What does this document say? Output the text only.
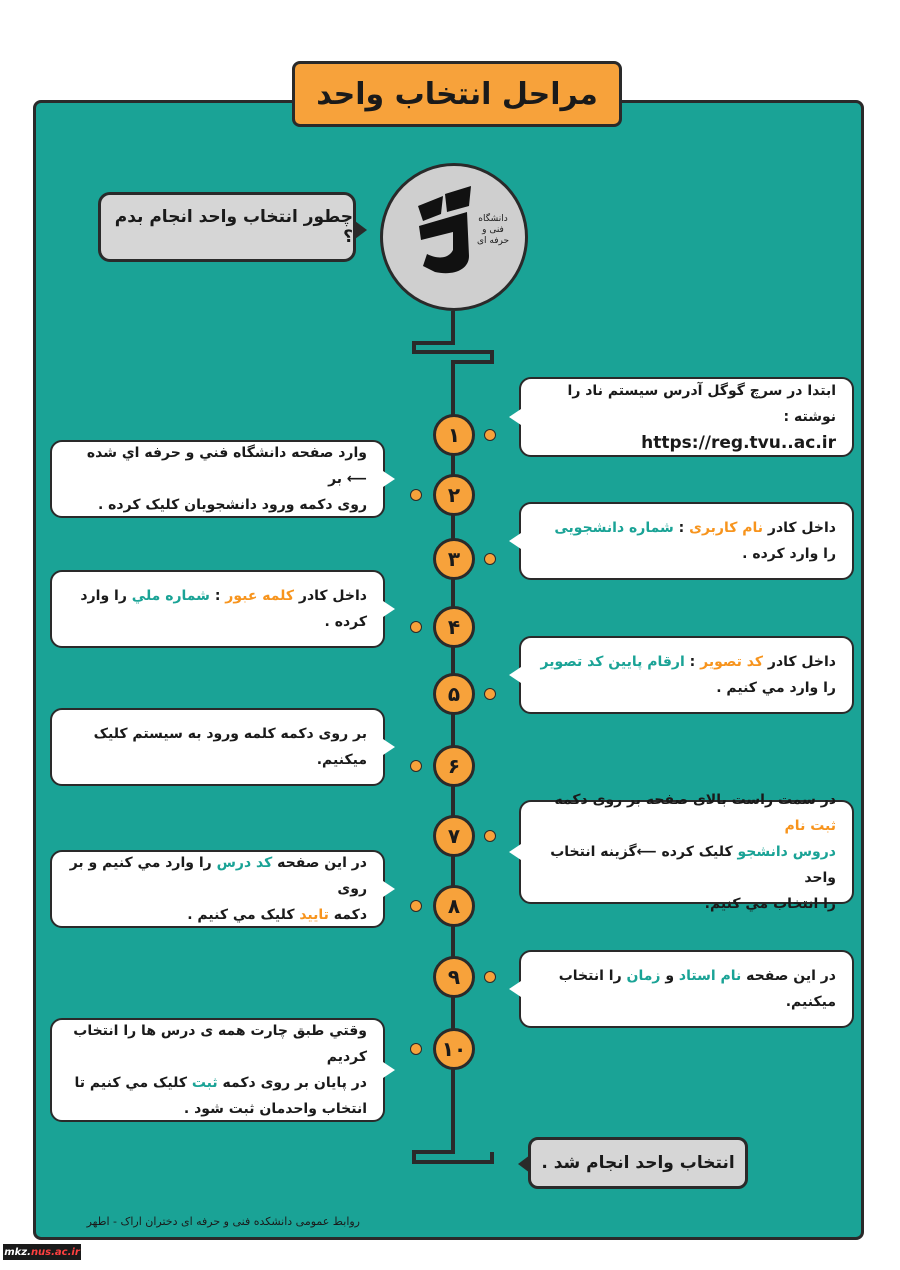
مراحل انتخاب واحد
دانشگاه فنی و حرفه ای
چطور انتخاب واحد انجام بدم ؟
۱
۲
۳
۴
۵
۶
۷
۸
۹
۱۰
ابتدا در سرچ گوگل آدرس سیستم ناد را نوشته :
https://reg.tvu..ac.ir
وارد صفحه دانشگاه فني و حرفه اي شده ⟵ بر
روی دکمه ورود دانشجویان کلیک کرده .
داخل کادر نام کاربری : شماره دانشجویی
را وارد کرده .
داخل کادر کلمه عبور : شماره ملي را وارد کرده .
داخل کادر کد تصویر : ارقام پایین کد تصویر
را وارد مي کنیم .
بر روی دکمه کلمه ورود به سیستم کلیک میکنیم.
در سمت راست بالای صفحه بر روی دکمه ثبت نام
دروس دانشجو کلیک کرده ⟵گزینه انتخاب واحد
را انتخاب مي کنیم.
در این صفحه کد درس را وارد مي کنیم و بر روی
دکمه تایید کلیک مي کنیم .
در این صفحه نام استاد و زمان را انتخاب میکنیم.
وقتي طبق چارت همه ی درس ها را انتخاب کردیم
در پایان بر روی دکمه ثبت کلیک مي کنیم تا
انتخاب واحدمان ثبت شود .
انتخاب واحد انجام شد .
روابط عمومی دانشکده فنی و حرفه ای دختران اراک - اطهر
mkz. nus.ac.ir
